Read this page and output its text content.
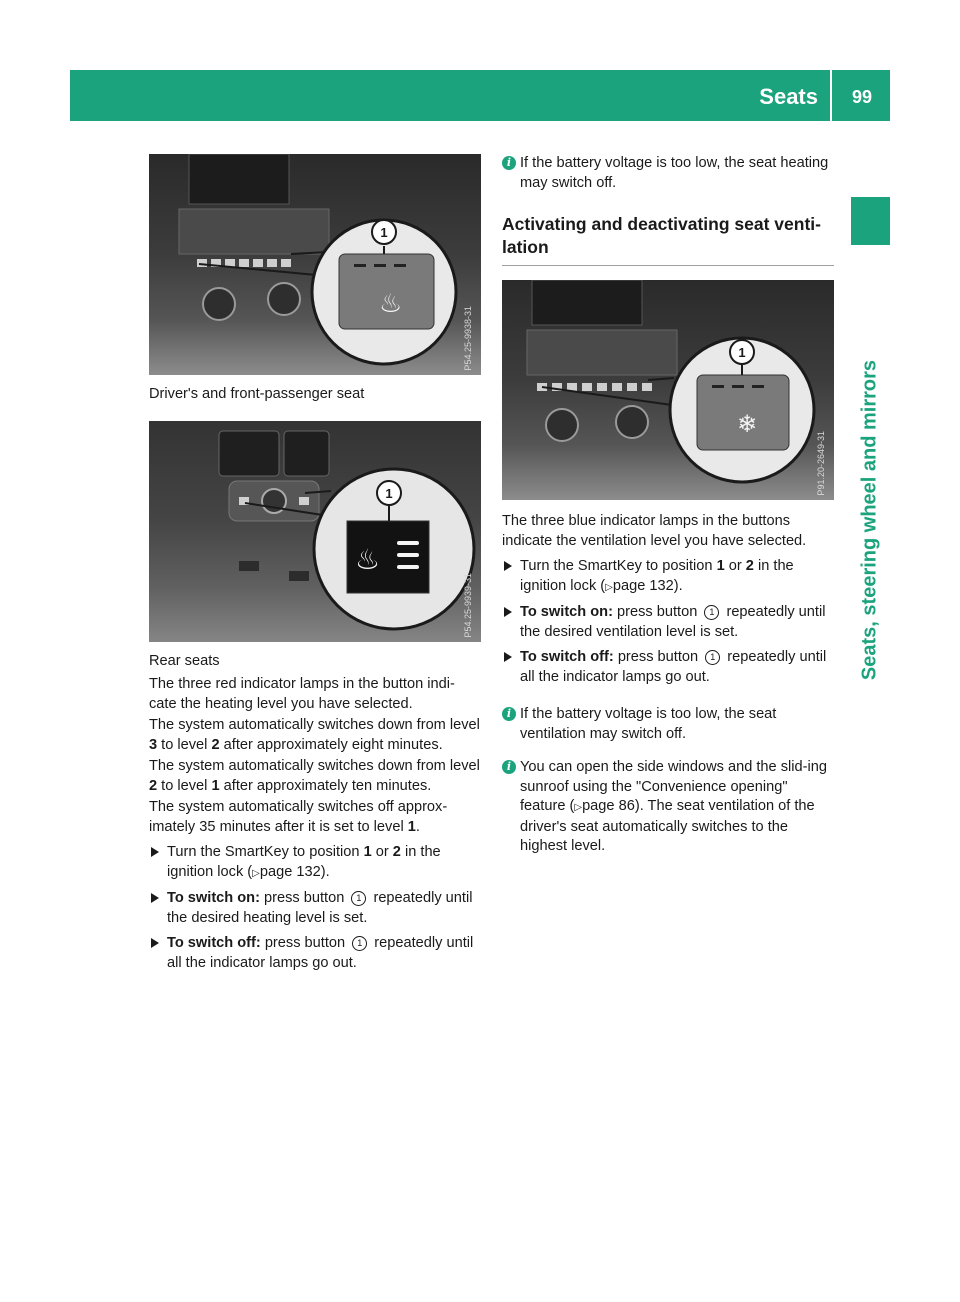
Seats 99
Seats, steering wheel and mirrors
♨
1
P54.25-9938-31
Driver's and front-passenger seat
♨
1
P54.25-9939-31
Rear seats

The three red indicator lamps in the button indi-cate the heating level you have selected.

The system automatically switches down from level 3 to level 2 after approximately eight minutes.

The system automatically switches down from level 2 to level 1 after approximately ten minutes.

The system automatically switches off approx-imately 35 minutes after it is set to level 1.

Turn the SmartKey to position 1 or 2 in the ignition lock (▷page 132).
To switch on: press button 1 repeatedly until the desired heating level is set.
To switch off: press button 1 repeatedly until all the indicator lamps go out.
i If the battery voltage is too low, the seat heating may switch off.
Activating and deactivating seat venti-lation
❄
1
P91.20-2649-31

The three blue indicator lamps in the buttons indicate the ventilation level you have selected.

Turn the SmartKey to position 1 or 2 in the ignition lock (▷page 132).
To switch on: press button 1 repeatedly until the desired ventilation level is set.
To switch off: press button 1 repeatedly until all the indicator lamps go out.
i If the battery voltage is too low, the seat ventilation may switch off.
i You can open the side windows and the slid-ing sunroof using the "Convenience opening" feature (▷page 86). The seat ventilation of the driver's seat automatically switches to the highest level.
